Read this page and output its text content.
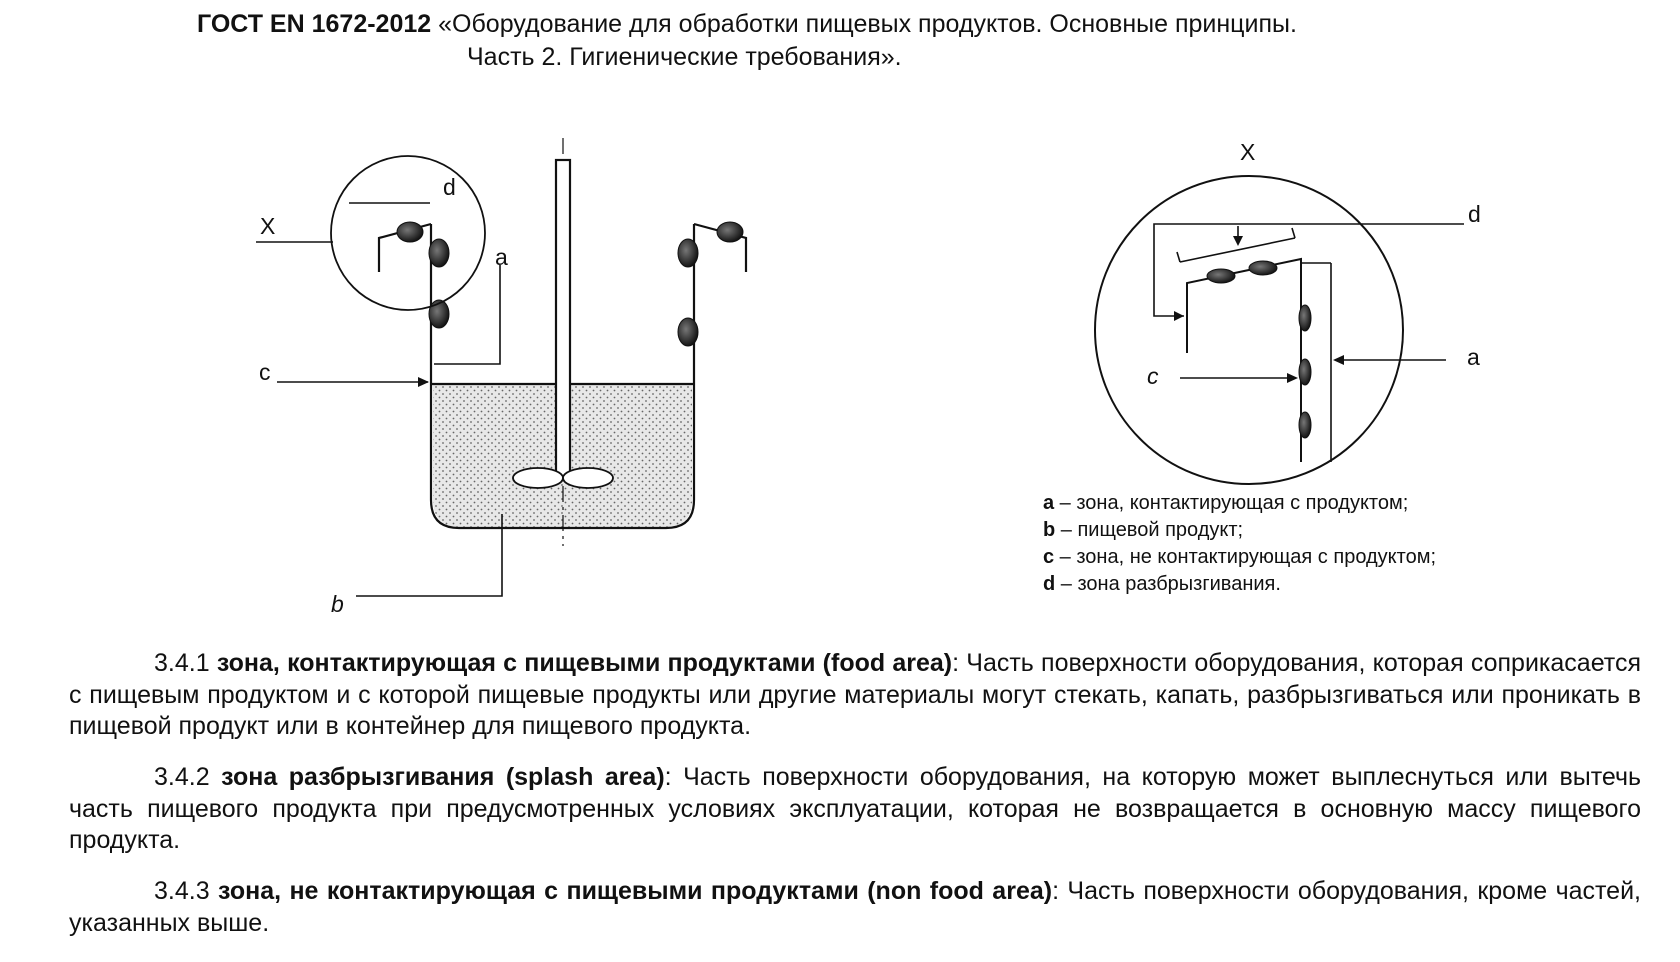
ГОСТ EN 1672-2012 «Оборудование для обработки пищевых продуктов. Основные принципы.
Часть 2. Гигиенические требования».
X
d
a
c
b
X
d
a
c
a – зона, контактирующая с продуктом;
b – пищевой продукт;
c – зона, не контактирующая с продуктом;
d – зона разбрызгивания.
3.4.1 зона, контактирующая с пищевыми продуктами (food area): Часть поверхности оборудования, которая соприкасается с пищевым продуктом и с которой пищевые продукты или другие материалы могут стекать, капать, разбрызгиваться или проникать в пищевой продукт или в контейнер для пищевого продукта.
3.4.2 зона разбрызгивания (splash area): Часть поверхности оборудования, на которую может выплеснуться или вытечь часть пищевого продукта при предусмотренных условиях эксплуатации, которая не возвращается в основную массу пищевого продукта.
3.4.3 зона, не контактирующая с пищевыми продуктами (non food area): Часть поверхности оборудования, кроме частей, указанных выше.
